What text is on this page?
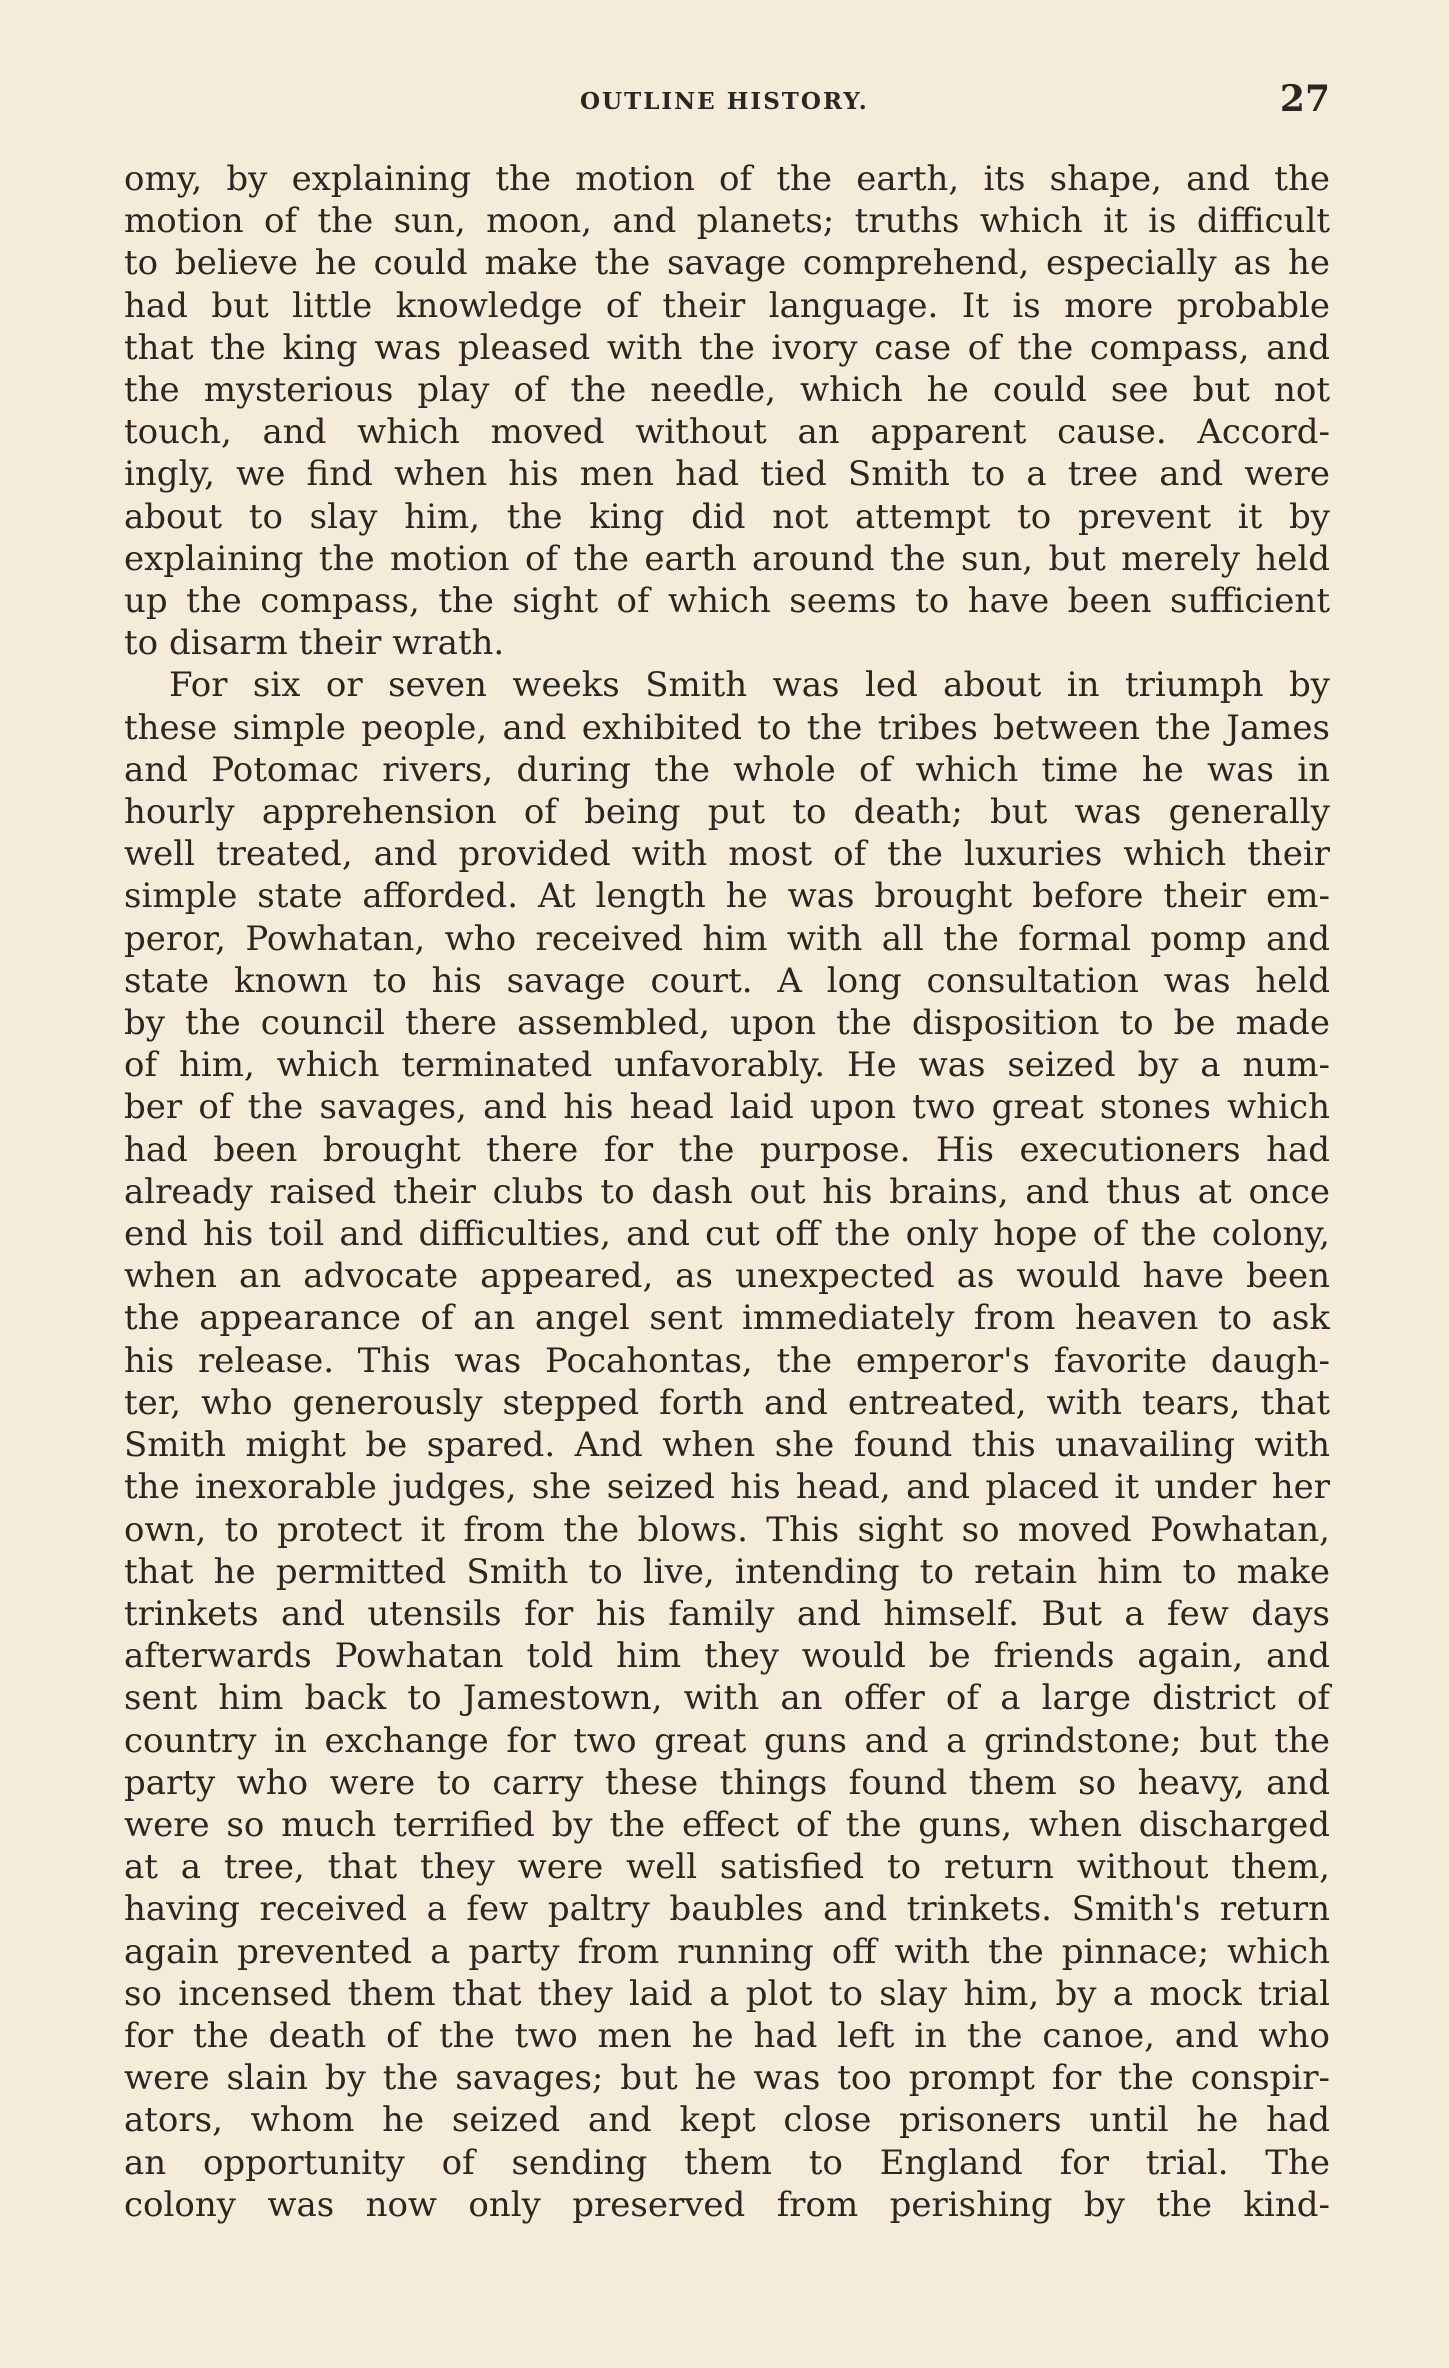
OUTLINE HISTORY.	27
omy, by explaining the motion of the earth, its shape, and the
motion of the sun, moon, and planets; truths which it is difficult
to believe he could make the savage comprehend, especially as he
had but little knowledge of their language. It is more probable
that the king was pleased with the ivory case of the compass, and
the mysterious play of the needle, which he could see but not
touch, and which moved without an apparent cause. Accord-
ingly, we find when his men had tied Smith to a tree and were
about to slay him, the king did not attempt to prevent it by
explaining the motion of the earth around the sun, but merely held
up the compass, the sight of which seems to have been sufficient
to disarm their wrath.
For six or seven weeks Smith was led about in triumph by
these simple people, and exhibited to the tribes between the James
and Potomac rivers, during the whole of which time he was in
hourly apprehension of being put to death; but was generally
well treated, and provided with most of the luxuries which their
simple state afforded. At length he was brought before their em-
peror, Powhatan, who received him with all the formal pomp and
state known to his savage court. A long consultation was held
by the council there assembled, upon the disposition to be made
of him, which terminated unfavorably. He was seized by a num-
ber of the savages, and his head laid upon two great stones which
had been brought there for the purpose. His executioners had
already raised their clubs to dash out his brains, and thus at once
end his toil and difficulties, and cut off the only hope of the colony,
when an advocate appeared, as unexpected as would have been
the appearance of an angel sent immediately from heaven to ask
his release. This was Pocahontas, the emperor's favorite daugh-
ter, who generously stepped forth and entreated, with tears, that
Smith might be spared. And when she found this unavailing with
the inexorable judges, she seized his head, and placed it under her
own, to protect it from the blows. This sight so moved Powhatan,
that he permitted Smith to live, intending to retain him to make
trinkets and utensils for his family and himself. But a few days
afterwards Powhatan told him they would be friends again, and
sent him back to Jamestown, with an offer of a large district of
country in exchange for two great guns and a grindstone; but the
party who were to carry these things found them so heavy, and
were so much terrified by the effect of the guns, when discharged
at a tree, that they were well satisfied to return without them,
having received a few paltry baubles and trinkets. Smith's return
again prevented a party from running off with the pinnace; which
so incensed them that they laid a plot to slay him, by a mock trial
for the death of the two men he had left in the canoe, and who
were slain by the savages; but he was too prompt for the conspir-
ators, whom he seized and kept close prisoners until he had
an opportunity of sending them to England for trial. The
colony was now only preserved from perishing by the kind-
